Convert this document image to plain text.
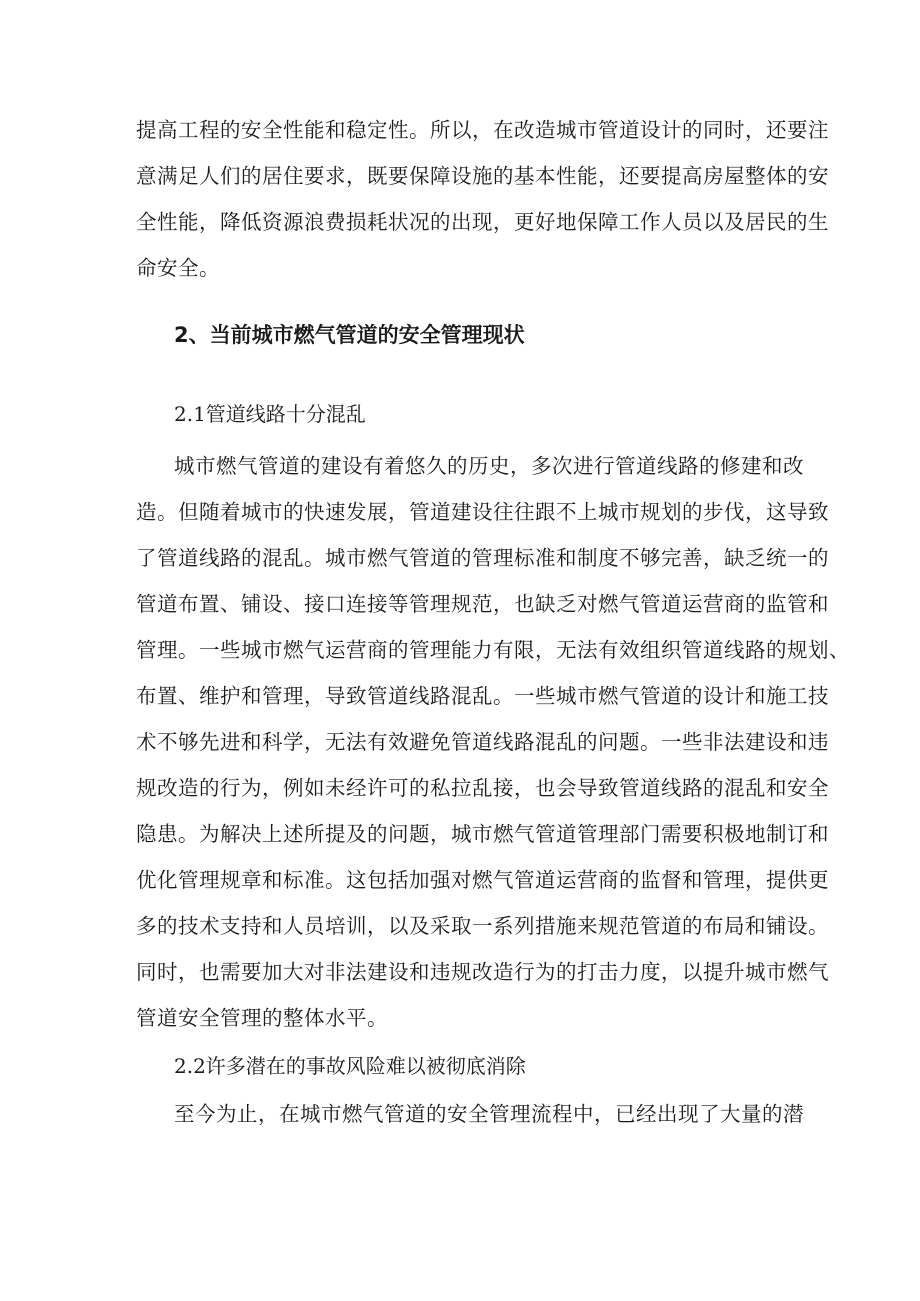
提高工程的安全性能和稳定性。所以，在改造城市管道设计的同时，还要注
意满足人们的居住要求，既要保障设施的基本性能，还要提高房屋整体的安
全性能，降低资源浪费损耗状况的出现，更好地保障工作人员以及居民的生
命安全。
2、当前城市燃气管道的安全管理现状
2.1管道线路十分混乱
城市燃气管道的建设有着悠久的历史，多次进行管道线路的修建和改
造。但随着城市的快速发展，管道建设往往跟不上城市规划的步伐，这导致
了管道线路的混乱。城市燃气管道的管理标准和制度不够完善，缺乏统一的
管道布置、铺设、接口连接等管理规范，也缺乏对燃气管道运营商的监管和
管理。一些城市燃气运营商的管理能力有限，无法有效组织管道线路的规划、
布置、维护和管理，导致管道线路混乱。一些城市燃气管道的设计和施工技
术不够先进和科学，无法有效避免管道线路混乱的问题。一些非法建设和违
规改造的行为，例如未经许可的私拉乱接，也会导致管道线路的混乱和安全
隐患。为解决上述所提及的问题，城市燃气管道管理部门需要积极地制订和
优化管理规章和标准。这包括加强对燃气管道运营商的监督和管理，提供更
多的技术支持和人员培训，以及采取一系列措施来规范管道的布局和铺设。
同时，也需要加大对非法建设和违规改造行为的打击力度，以提升城市燃气
管道安全管理的整体水平。
2.2许多潜在的事故风险难以被彻底消除
至今为止，在城市燃气管道的安全管理流程中，已经出现了大量的潜
